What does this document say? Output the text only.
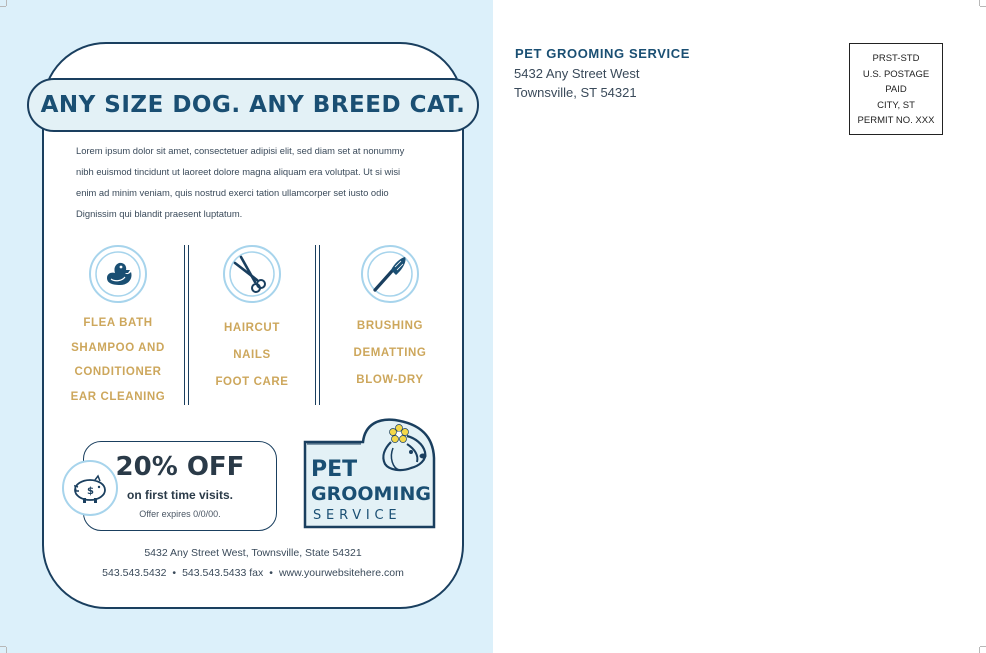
ANY SIZE DOG. ANY BREED CAT.
Lorem ipsum dolor sit amet, consectetuer adipisi elit, sed diam set at nonummy
nibh euismod tincidunt ut laoreet dolore magna aliquam era volutpat. Ut si wisi
enim ad minim veniam, quis nostrud exerci tation ullamcorper set iusto odio
Dignissim qui blandit praesent luptatum.
FLEA BATH
SHAMPOO AND
CONDITIONER
EAR CLEANING
HAIRCUT
NAILS
FOOT CARE
BRUSHING
DEMATTING
BLOW-DRY
20% OFF
on first time visits.
Offer expires 0/0/00.
$
PET
GROOMING
SERVICE
5432 Any Street West, Townsville, State 54321
543.543.5432 • 543.543.5433 fax • www.yourwebsitehere.com
PET GROOMING SERVICE
5432 Any Street West
Townsville, ST 54321
PRST-STD
U.S. POSTAGE
PAID
CITY, ST
PERMIT NO. XXX
